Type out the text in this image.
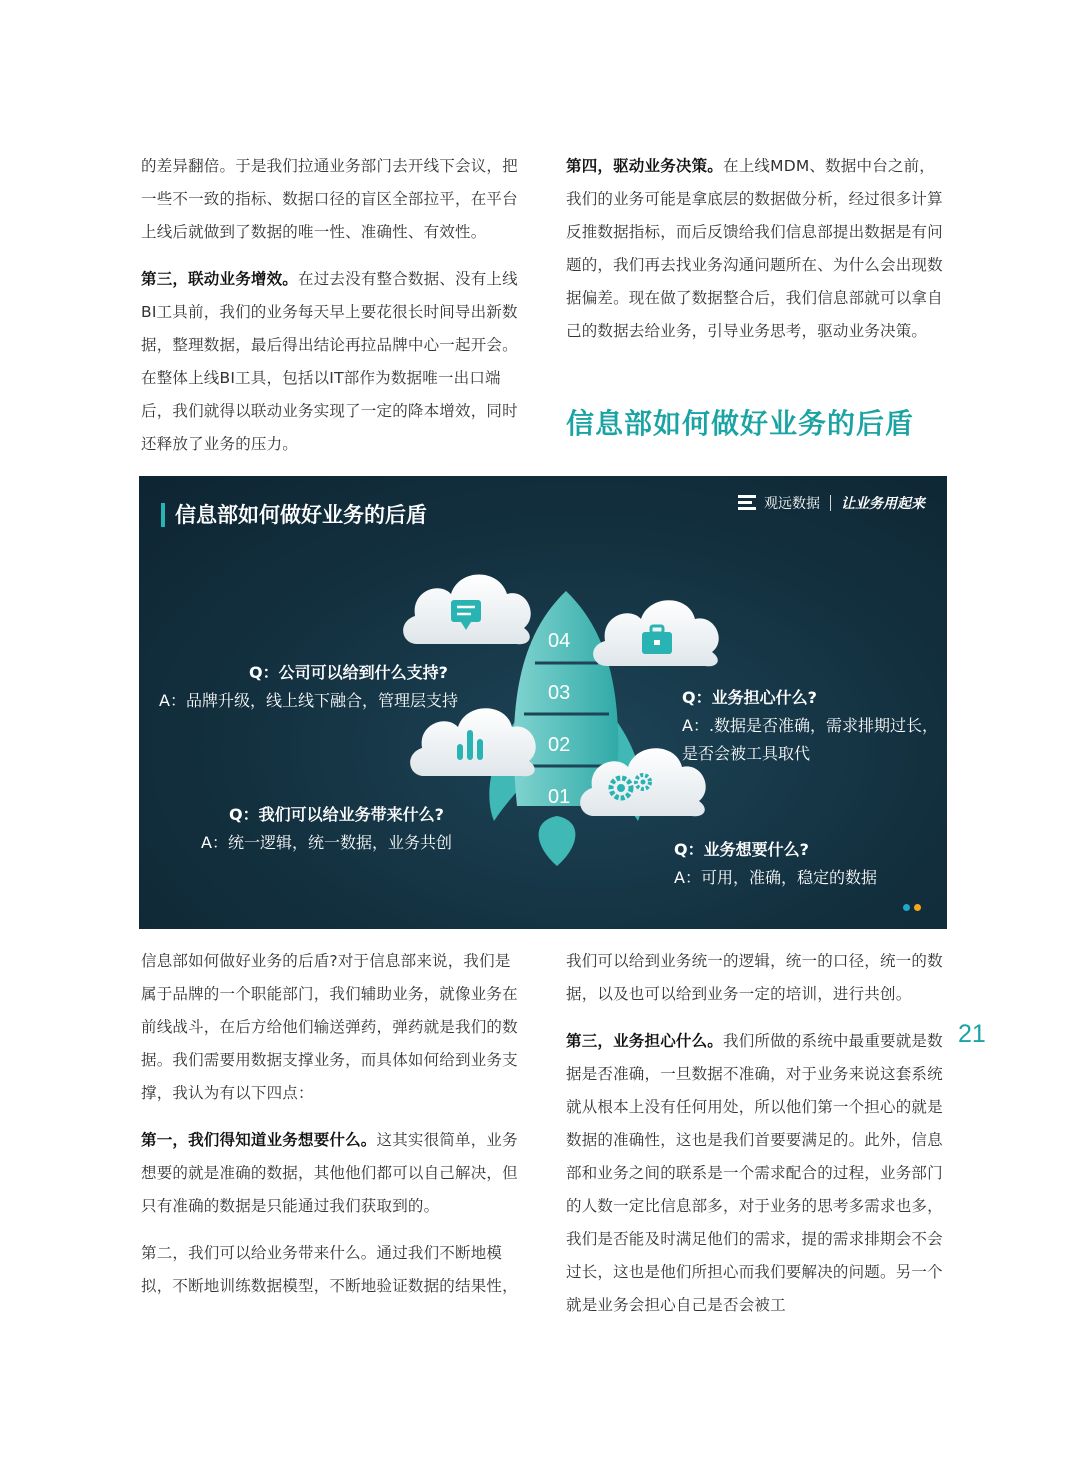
的差异翻倍。于是我们拉通业务部门去开线下会议，把一些不一致的指标、数据口径的盲区全部拉平，在平台上线后就做到了数据的唯一性、准确性、有效性。

第三，联动业务增效。在过去没有整合数据、没有上线BI工具前，我们的业务每天早上要花很长时间导出新数据，整理数据，最后得出结论再拉品牌中心一起开会。在整体上线BI工具，包括以IT部作为数据唯一出口端后，我们就得以联动业务实现了一定的降本增效，同时还释放了业务的压力。

第四，驱动业务决策。在上线MDM、数据中台之前，我们的业务可能是拿底层的数据做分析，经过很多计算反推数据指标，而后反馈给我们信息部提出数据是有问题的，我们再去找业务沟通问题所在、为什么会出现数据偏差。现在做了数据整合后，我们信息部就可以拿自己的数据去给业务，引导业务思考，驱动业务决策。

信息部如何做好业务的后盾
信息部如何做好业务的后盾	观远数据 让业务用起来
04
03
02
01
Q：公司可以给到什么支持?
A：品牌升级，线上线下融合，管理层支持	Q：业务担心什么?
A：.数据是否准确，需求排期过长，
是否会被工具取代
Q：我们可以给业务带来什么?
A：统一逻辑，统一数据，业务共创	Q：业务想要什么?
A：可用，准确，稳定的数据

信息部如何做好业务的后盾?对于信息部来说，我们是属于品牌的一个职能部门，我们辅助业务，就像业务在前线战斗，在后方给他们输送弹药，弹药就是我们的数据。我们需要用数据支撑业务，而具体如何给到业务支撑，我认为有以下四点：

第一，我们得知道业务想要什么。这其实很简单，业务想要的就是准确的数据，其他他们都可以自己解决，但只有准确的数据是只能通过我们获取到的。

第二，我们可以给业务带来什么。通过我们不断地模拟，不断地训练数据模型，不断地验证数据的结果性，

我们可以给到业务统一的逻辑，统一的口径，统一的数据，以及也可以给到业务一定的培训，进行共创。

第三，业务担心什么。我们所做的系统中最重要就是数据是否准确，一旦数据不准确，对于业务来说这套系统就从根本上没有任何用处，所以他们第一个担心的就是数据的准确性，这也是我们首要要满足的。此外，信息部和业务之间的联系是一个需求配合的过程，业务部门的人数一定比信息部多，对于业务的思考多需求也多，我们是否能及时满足他们的需求，提的需求排期会不会过长，这也是他们所担心而我们要解决的问题。另一个就是业务会担心自己是否会被工

21
